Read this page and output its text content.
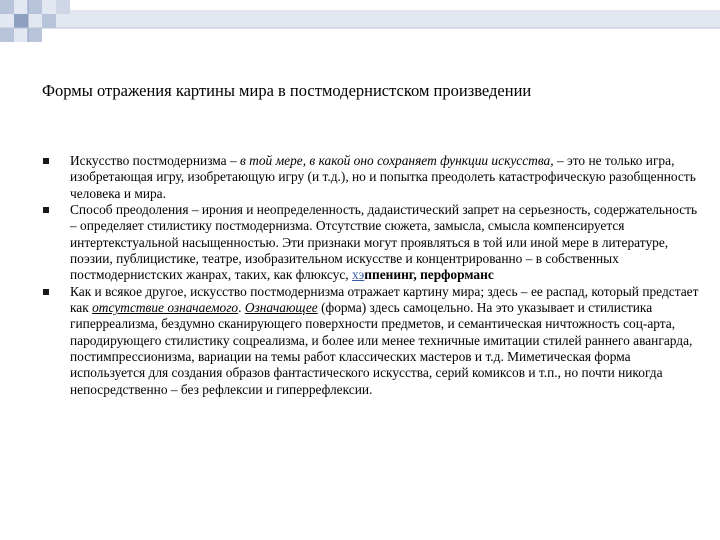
Формы отражения картины мира в постмодернистском произведении
Искусство постмодернизма – в той мере, в какой оно сохраняет функции искусства, – это не только игра, изобретающая игру, изобретающую игру (и т.д.), но и попытка преодолеть катастрофическую разобщенность человека и мира.
Способ преодоления – ирония и неопределенность, дадаистический запрет на серьезность, содержательность – определяет стилистику постмодернизма. Отсутствие сюжета, замысла, смысла компенсируется интертекстуальной насыщенностью. Эти признаки могут проявляться в той или иной мере в литературе, поэзии, публицистике, театре, изобразительном искусстве и концентрированно – в собственных постмодернистских жанрах, таких, как флюксус, хэппенинг, перформанс
Как и всякое другое, искусство постмодернизма отражает картину мира; здесь – ее распад, который предстает как отсутствие означаемого. Означающее (форма) здесь самоцельно. На это указывает и стилистика гиперреализма, бездумно сканирующего поверхности предметов, и семантическая ничтожность соц-арта, пародирующего стилистику соцреализма, и более или менее техничные имитации стилей раннего авангарда, постимпрессионизма, вариации на темы работ классических мастеров и т.д. Миметическая форма используется для создания образов фантастического искусства, серий комиксов и т.п., но почти никогда непосредственно – без рефлексии и гиперрефлексии.
